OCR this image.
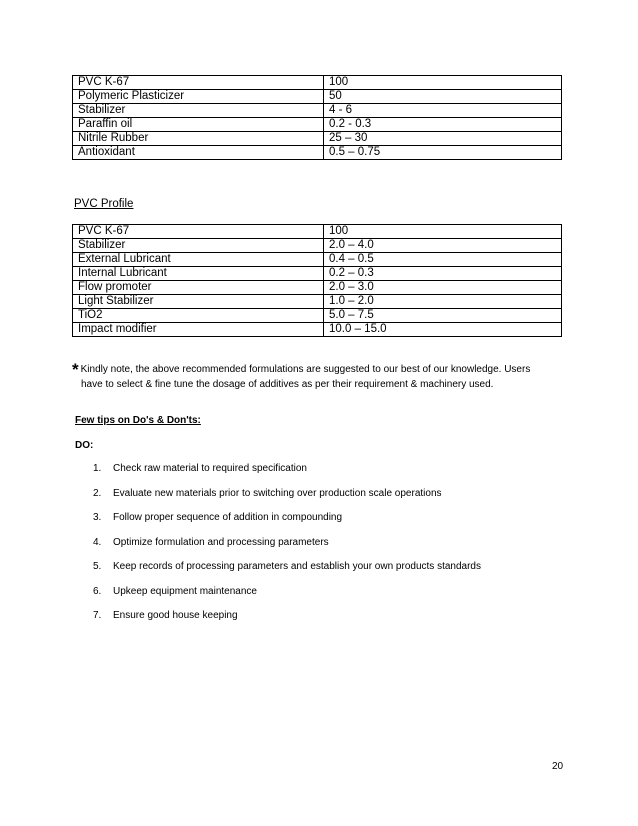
PVC K-67	100
Polymeric Plasticizer	50
Stabilizer	4 - 6
Paraffin oil	0.2 - 0.3
Nitrile Rubber	25 – 30
Antioxidant	0.5 – 0.75
PVC Profile
PVC K-67	100
Stabilizer	2.0 – 4.0
External Lubricant	0.4 – 0.5
Internal Lubricant	0.2 – 0.3
Flow promoter	2.0 – 3.0
Light Stabilizer	1.0 – 2.0
TiO2	5.0 – 7.5
Impact modifier	10.0 – 15.0
* Kindly note, the above recommended formulations are suggested to our best of our knowledge. Users
have to select & fine tune the dosage of additives as per their requirement & machinery used.
Few tips on Do's & Don'ts:
DO:
1. Check raw material to required specification
2. Evaluate new materials prior to switching over production scale operations
3. Follow proper sequence of addition in compounding
4. Optimize formulation and processing parameters
5. Keep records of processing parameters and establish your own products standards
6. Upkeep equipment maintenance
7. Ensure good house keeping
20
